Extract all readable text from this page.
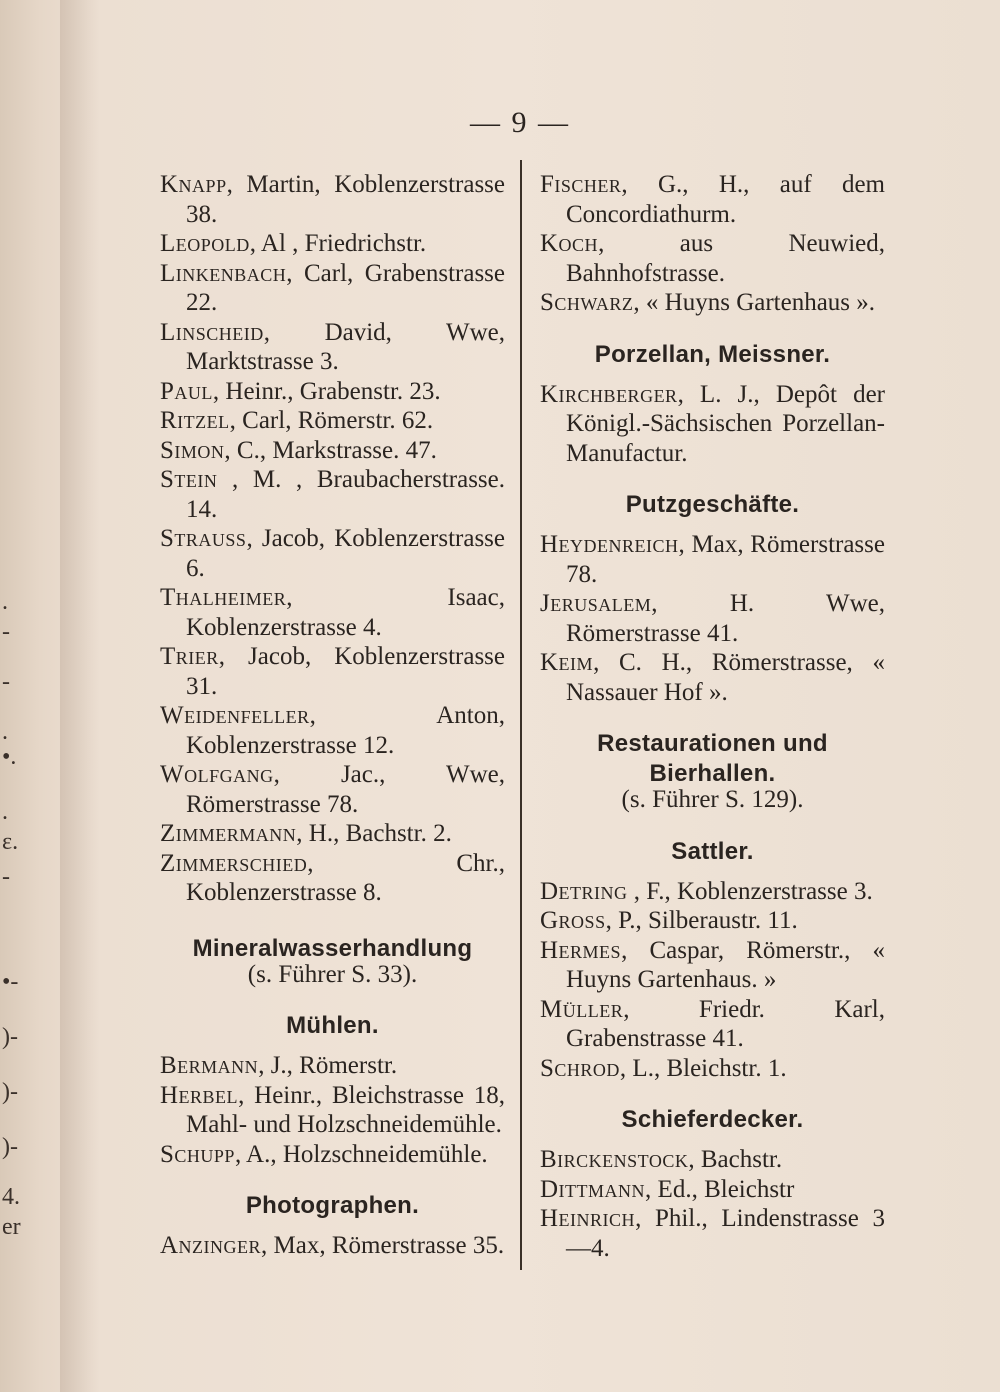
.
-
-
.
•.
.
ɛ.
-
•-
)-
)-
)-
4.
er
— 9 —

Knapp, Martin, Koblenzerstrasse 38.

Leopold, Al , Friedrichstr.

Linkenbach, Carl, Grabenstrasse 22.

Linscheid, David, Wwe, Marktstrasse 3.

Paul, Heinr., Grabenstr. 23.

Ritzel, Carl, Römerstr. 62.

Simon, C., Markstrasse. 47.

Stein , M. , Braubacherstrasse. 14.

Strauss, Jacob, Koblenzerstrasse 6.

Thalheimer, Isaac, Koblenzerstrasse 4.

Trier, Jacob, Koblenzerstrasse 31.

Weidenfeller, Anton, Koblenzerstrasse 12.

Wolfgang, Jac., Wwe, Römerstrasse 78.

Zimmermann, H., Bachstr. 2.

Zimmerschied, Chr., Koblenzerstrasse 8.

Mineralwasserhandlung
(s. Führer S. 33).
Mühlen.

Bermann, J., Römerstr.

Herbel, Heinr., Bleichstrasse 18, Mahl- und Holzschneidemühle.

Schupp, A., Holzschneidemühle.

Photographen.

Anzinger, Max, Römerstrasse 35.

Fischer, G., H., auf dem Concordiathurm.

Koch, aus Neuwied, Bahnhofstrasse.

Schwarz, « Huyns Gartenhaus ».

Porzellan, Meissner.

Kirchberger, L. J., Depôt der Königl.-Sächsischen Porzellan-Manufactur.

Putzgeschäfte.

Heydenreich, Max, Römerstrasse 78.

Jerusalem, H. Wwe, Römerstrasse 41.

Keim, C. H., Römerstrasse, « Nassauer Hof ».

Restaurationen und Bierhallen.
(s. Führer S. 129).
Sattler.

Detring , F., Koblenzerstrasse 3.

Gross, P., Silberaustr. 11.

Hermes, Caspar, Römerstr., « Huyns Gartenhaus. »

Müller, Friedr. Karl, Grabenstrasse 41.

Schrod, L., Bleichstr. 1.

Schieferdecker.

Birckenstock, Bachstr.

Dittmann, Ed., Bleichstr

Heinrich, Phil., Lindenstrasse 3—4.
